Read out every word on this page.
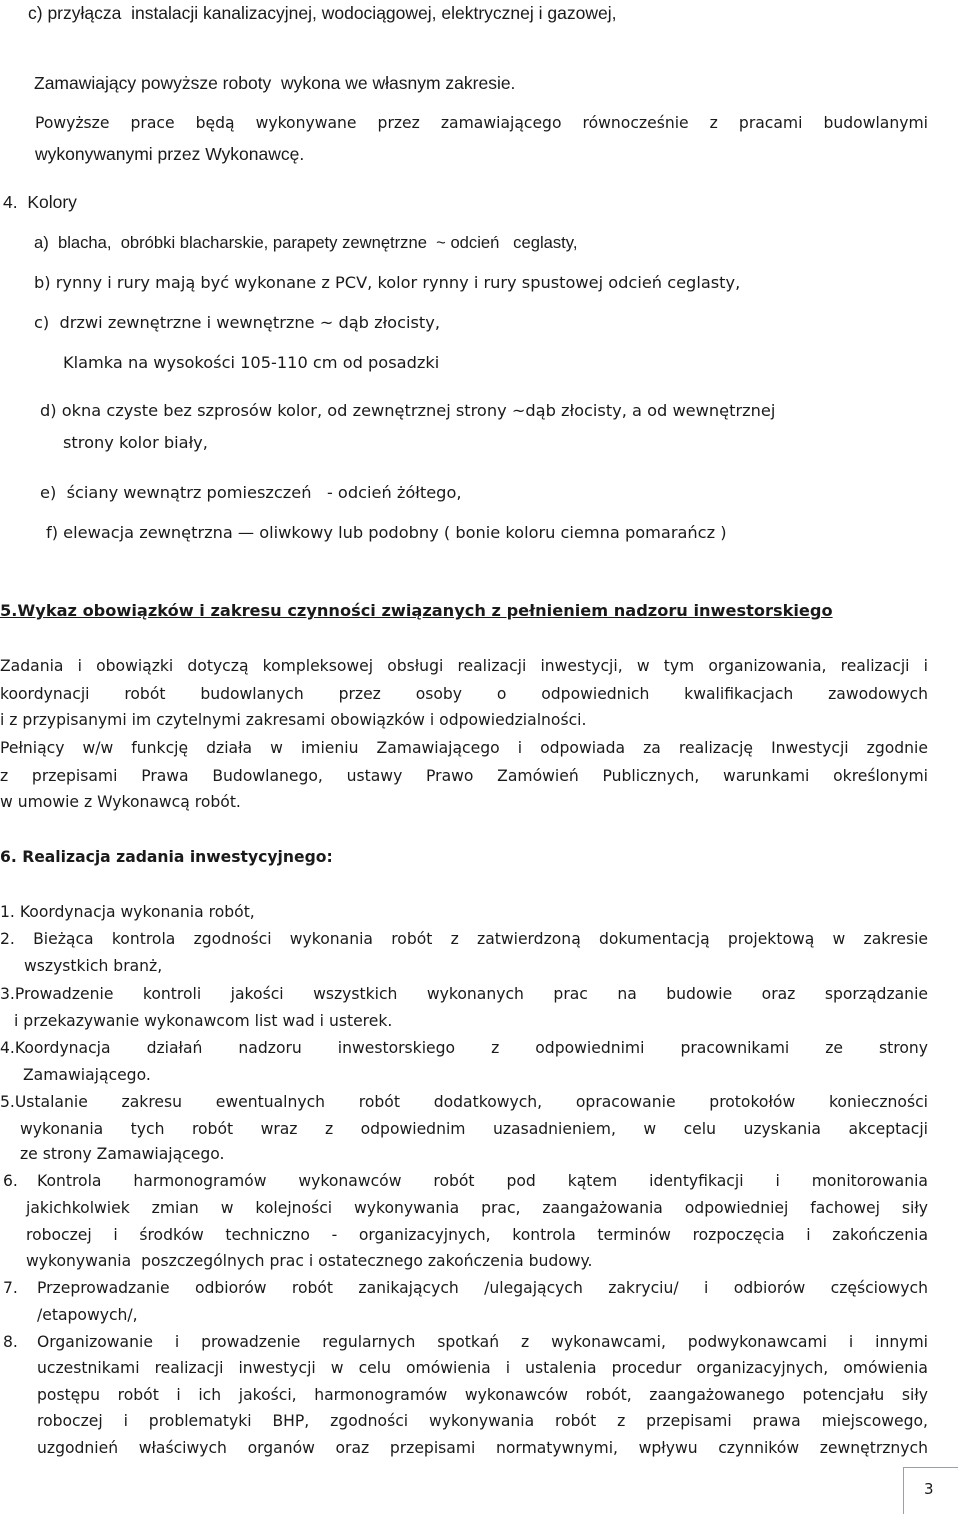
c) przyłącza  instalacji kanalizacyjnej, wodociągowej, elektrycznej i gazowej,
Zamawiający powyższe roboty  wykona we własnym zakresie.
Powyższe prace będą wykonywane przez zamawiającego równocześnie z pracami budowlanymi
wykonywanymi przez Wykonawcę.
4.  Kolory
a)  blacha,  obróbki blacharskie, parapety zewnętrzne  ~ odcień   ceglasty,
b) rynny i rury mają być wykonane z PCV, kolor rynny i rury spustowej odcień ceglasty,
c)  drzwi zewnętrzne i wewnętrzne ~ dąb złocisty,
Klamka na wysokości 105-110 cm od posadzki
d) okna czyste bez szprosów kolor, od zewnętrznej strony ~dąb złocisty, a od wewnętrznej
strony kolor biały,
e)  ściany wewnątrz pomieszczeń   - odcień żółtego,
f) elewacja zewnętrzna — oliwkowy lub podobny ( bonie koloru ciemna pomarańcz )
5.Wykaz obowiązków i zakresu czynności związanych z pełnieniem nadzoru inwestorskiego
Zadania i obowiązki dotyczą kompleksowej obsługi realizacji inwestycji, w tym organizowania, realizacji i
koordynacji robót budowlanych przez osoby o odpowiednich kwalifikacjach zawodowych
i z przypisanymi im czytelnymi zakresami obowiązków i odpowiedzialności.
Pełniący w/w funkcję działa w imieniu Zamawiającego i odpowiada za realizację Inwestycji zgodnie
z przepisami Prawa Budowlanego, ustawy Prawo Zamówień Publicznych, warunkami określonymi
w umowie z Wykonawcą robót.
6. Realizacja zadania inwestycyjnego:
1. Koordynacja wykonania robót,
2. Bieżąca kontrola zgodności wykonania robót z zatwierdzoną dokumentacją projektową w zakresie
wszystkich branż,
3.Prowadzenie kontroli jakości wszystkich wykonanych prac na budowie oraz sporządzanie
i przekazywanie wykonawcom list wad i usterek.
4.Koordynacja działań nadzoru inwestorskiego z odpowiednimi pracownikami ze strony
Zamawiającego.
5.Ustalanie zakresu ewentualnych robót dodatkowych, opracowanie protokołów konieczności
wykonania tych robót wraz z odpowiednim uzasadnieniem, w celu uzyskania akceptacji
ze strony Zamawiającego.
6. Kontrola harmonogramów wykonawców robót pod kątem identyfikacji i monitorowania
jakichkolwiek zmian w kolejności wykonywania prac, zaangażowania odpowiedniej fachowej siły
roboczej i środków techniczno - organizacyjnych, kontrola terminów rozpoczęcia i zakończenia
wykonywania  poszczególnych prac i ostatecznego zakończenia budowy.
7. Przeprowadzanie odbiorów robót zanikających /ulegających zakryciu/ i odbiorów częściowych
/etapowych/,
8. Organizowanie i prowadzenie regularnych spotkań z wykonawcami, podwykonawcami i innymi
uczestnikami realizacji inwestycji w celu omówienia i ustalenia procedur organizacyjnych, omówienia
postępu robót i ich jakości, harmonogramów wykonawców robót, zaangażowanego potencjału siły
roboczej i problematyki BHP, zgodności wykonywania robót z przepisami prawa miejscowego,
uzgodnień właściwych organów oraz przepisami normatywnymi, wpływu czynników zewnętrznych
3
